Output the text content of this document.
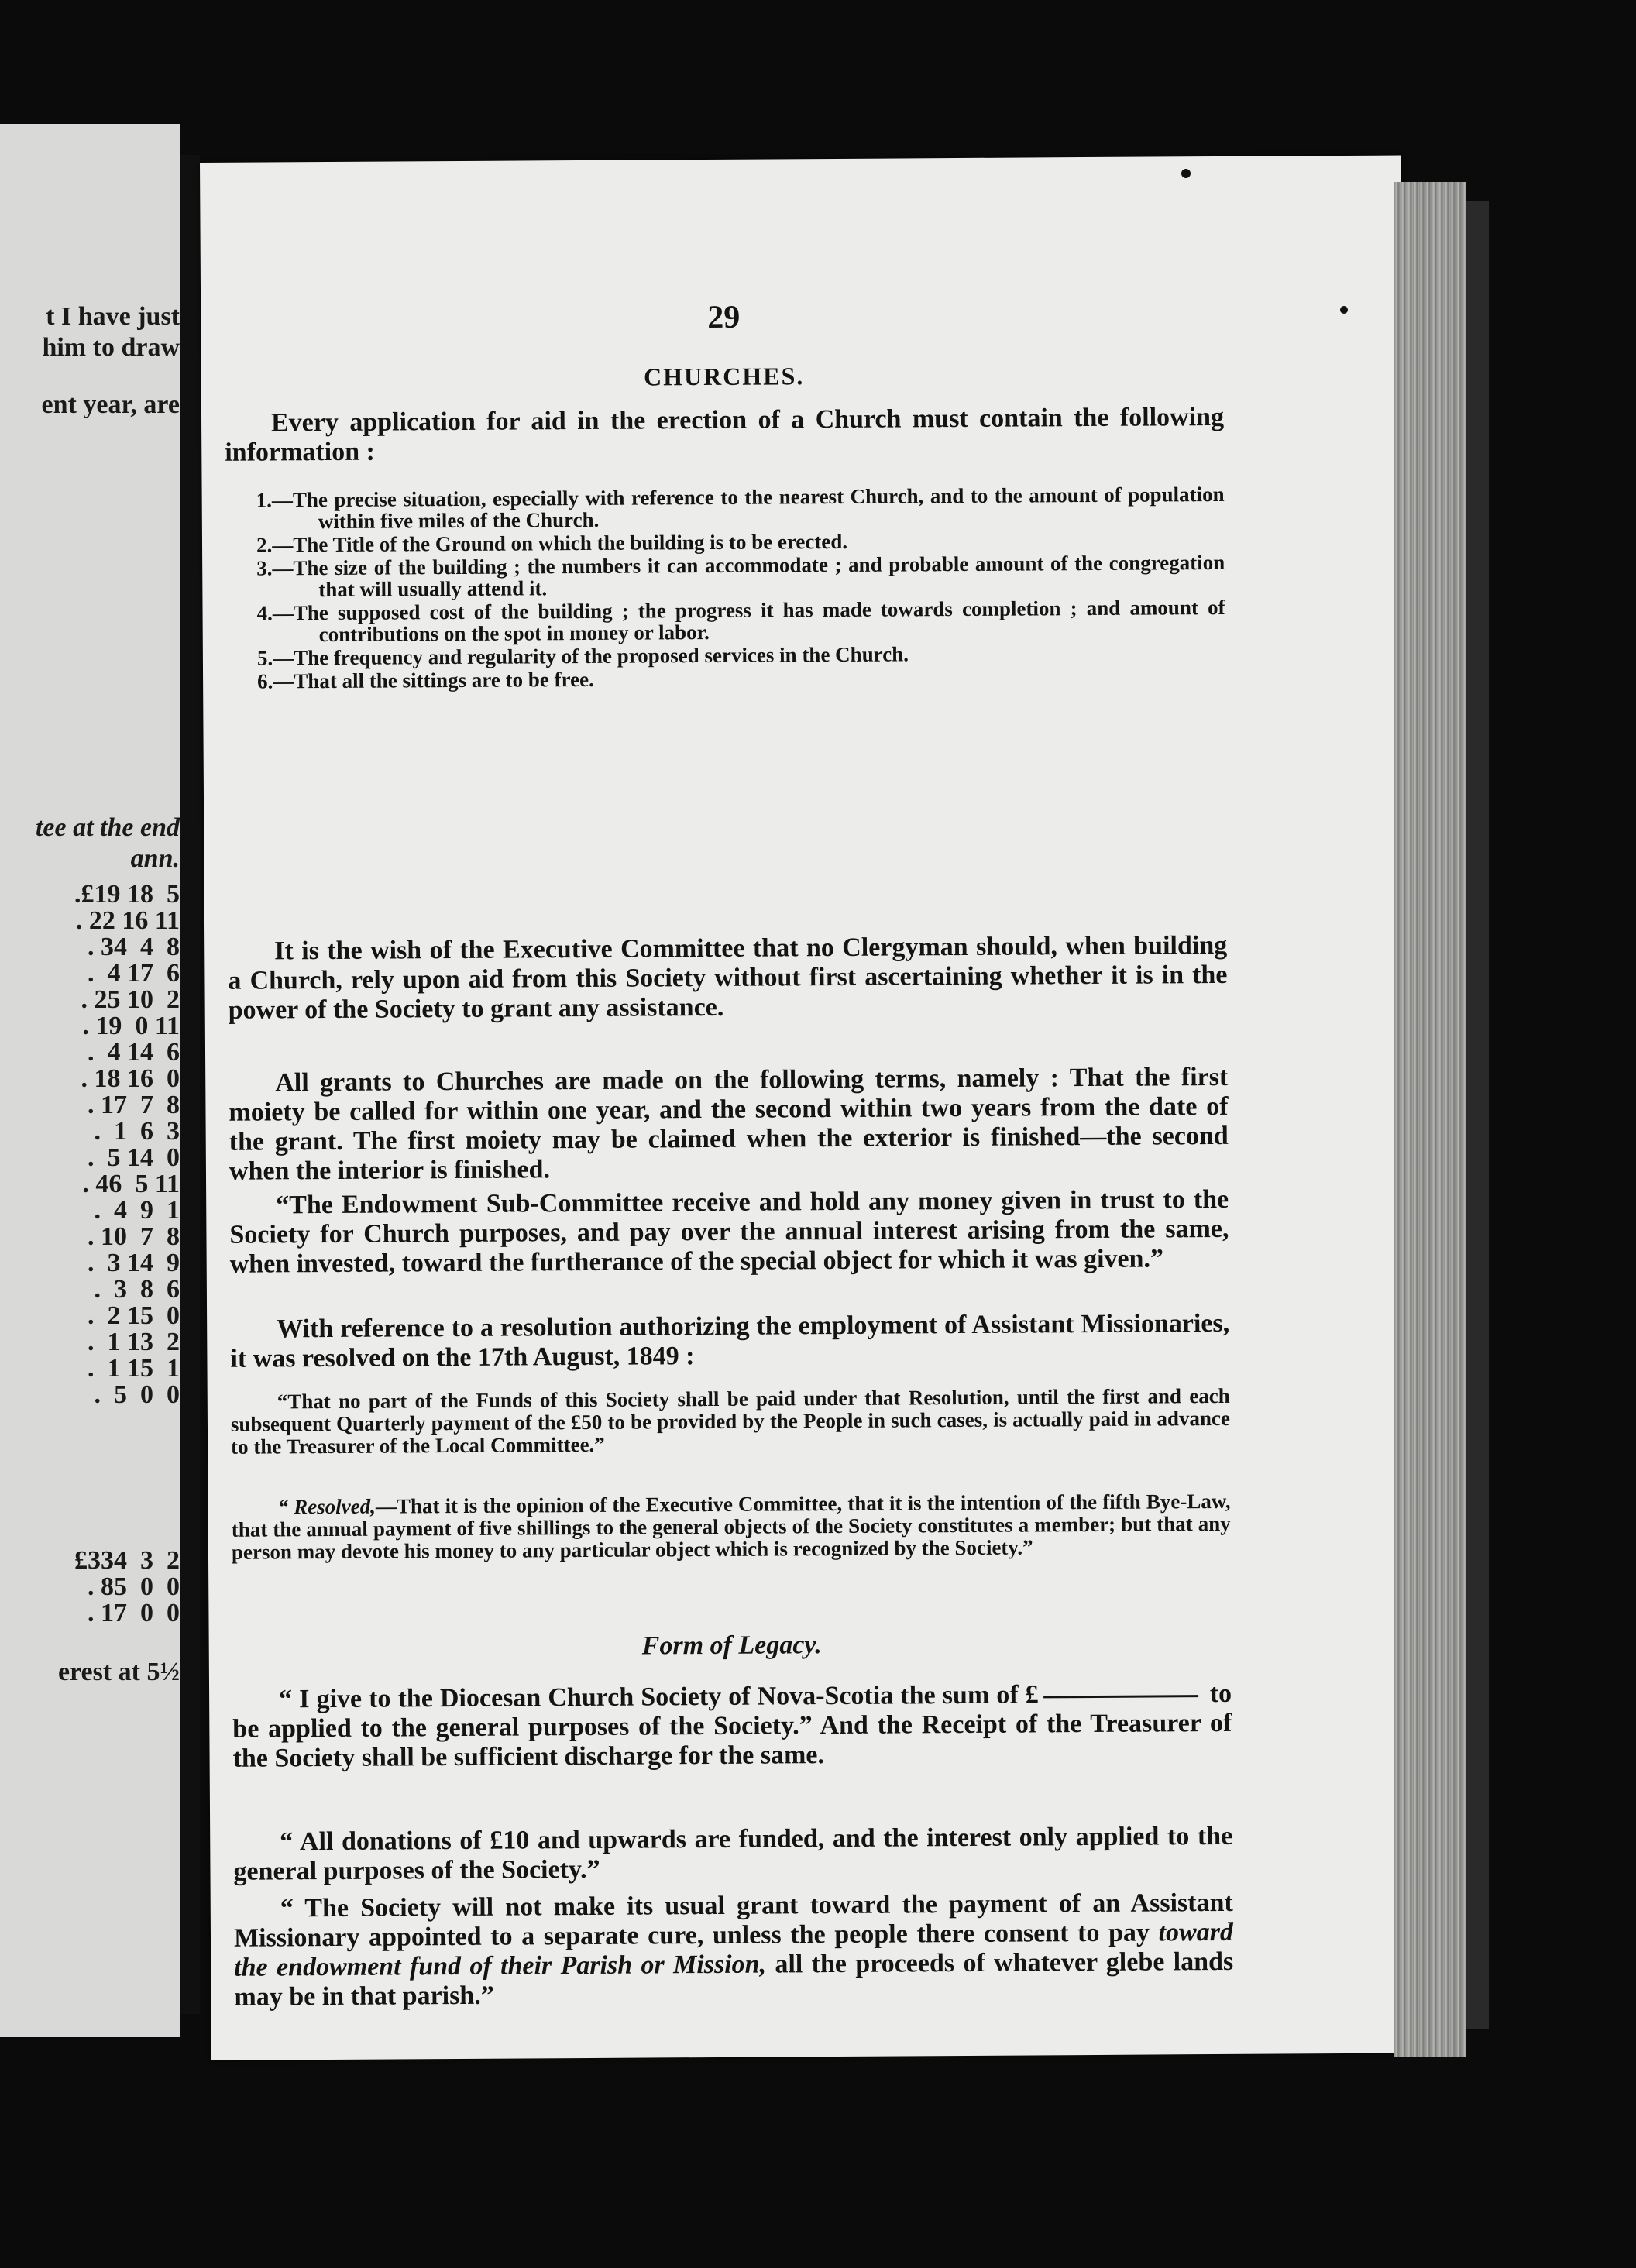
t I have just
him to draw
ent year, are
tee at the end
ann.
.£19 18  5
. 22 16 11
. 34  4  8
.  4 17  6
. 25 10  2
. 19  0 11
.  4 14  6
. 18 16  0
. 17  7  8
.  1  6  3
.  5 14  0
. 46  5 11
.  4  9  1
. 10  7  8
.  3 14  9
.  3  8  6
.  2 15  0
.  1 13  2
.  1 15  1
.  5  0  0
£334  3  2
. 85  0  0
. 17  0  0
erest at 5½
29
CHURCHES.
Every application for aid in the erection of a Church must contain the following information :
1.—The precise situation, especially with reference to the nearest Church, and to the amount of population within five miles of the Church.
2.—The Title of the Ground on which the building is to be erected.
3.—The size of the building ; the numbers it can accommodate ; and probable amount of the congregation that will usually attend it.
4.—The supposed cost of the building ; the progress it has made towards completion ; and amount of contributions on the spot in money or labor.
5.—The frequency and regularity of the proposed services in the Church.
6.—That all the sittings are to be free.
It is the wish of the Executive Committee that no Clergyman should, when building a Church, rely upon aid from this Society without first ascertaining whether it is in the power of the Society to grant any assistance.
All grants to Churches are made on the following terms, namely : That the first moiety be called for within one year, and the second within two years from the date of the grant. The first moiety may be claimed when the exterior is finished—the second when the interior is finished.
“The Endowment Sub-Committee receive and hold any money given in trust to the Society for Church purposes, and pay over the annual interest arising from the same, when invested, toward the furtherance of the special object for which it was given.”
With reference to a resolution authorizing the employment of Assistant Missionaries, it was resolved on the 17th August, 1849 :
“That no part of the Funds of this Society shall be paid under that Resolution, until the first and each subsequent Quarterly payment of the £50 to be provided by the People in such cases, is actually paid in advance to the Treasurer of the Local Committee.”
“ Resolved,—That it is the opinion of the Executive Committee, that it is the intention of the fifth Bye-Law, that the annual payment of five shillings to the general objects of the Society constitutes a member; but that any person may devote his money to any particular object which is recognized by the Society.”
Form of Legacy.
“ I give to the Diocesan Church Society of Nova-Scotia the sum of £	to be applied to the general purposes of the Society.” And the Receipt of the Treasurer of the Society shall be sufficient discharge for the same.
“ All donations of £10 and upwards are funded, and the interest only applied to the general purposes of the Society.”
“ The Society will not make its usual grant toward the payment of an Assistant Missionary appointed to a separate cure, unless the people there consent to pay toward the endowment fund of their Parish or Mission, all the proceeds of whatever glebe lands may be in that parish.”
